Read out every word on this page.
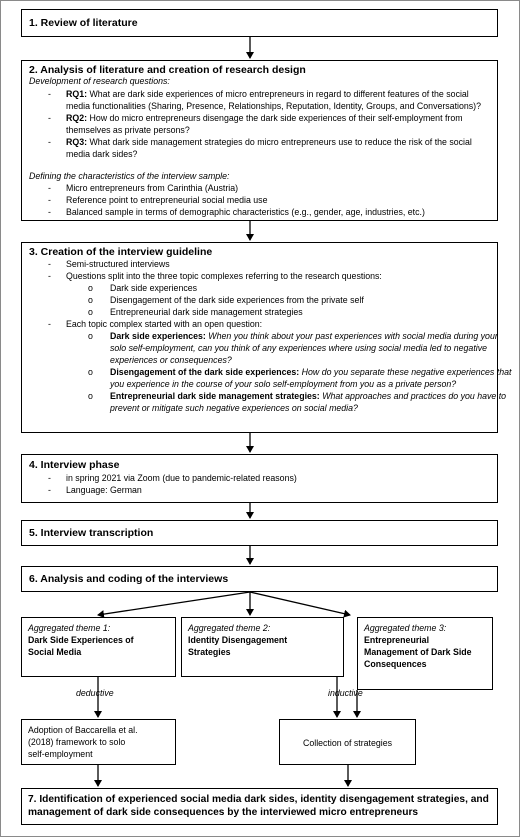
1. Review of literature
2. Analysis of literature and creation of research design
Development of research questions:
- RQ1: What are dark side experiences of micro entrepreneurs in regard to different features of the social
media functionalities (Sharing, Presence, Relationships, Reputation, Identity, Groups, and Conversations)?
- RQ2: How do micro entrepreneurs disengage the dark side experiences of their self-employment from
themselves as private persons?
- RQ3: What dark side management strategies do micro entrepreneurs use to reduce the risk of the social
media dark sides?
Defining the characteristics of the interview sample:
- Micro entrepreneurs from Carinthia (Austria)
- Reference point to entrepreneurial social media use
- Balanced sample in terms of demographic characteristics (e.g., gender, age, industries, etc.)
3. Creation of the interview guideline
- Semi-structured interviews
- Questions split into the three topic complexes referring to the research questions:
o Dark side experiences
o Disengagement of the dark side experiences from the private self
o Entrepreneurial dark side management strategies
- Each topic complex started with an open question:
o Dark side experiences: When you think about your past experiences with social media during your
solo self-employment, can you think of any experiences where using social media led to negative
experiences or consequences?
o Disengagement of the dark side experiences: How do you separate these negative experiences that
you experience in the course of your solo self-employment from you as a private person?
o Entrepreneurial dark side management strategies: What approaches and practices do you have to
prevent or mitigate such negative experiences on social media?
4. Interview phase
- in spring 2021 via Zoom (due to pandemic-related reasons)
- Language: German
5. Interview transcription
6. Analysis and coding of the interviews
Aggregated theme 1:
Dark Side Experiences of
Social Media
Aggregated theme 2:
Identity Disengagement
Strategies
Aggregated theme 3:
Entrepreneurial
Management of Dark Side
Consequences
deductive	inductive
Adoption of Baccarella et al.
(2018) framework to solo
self-employment
Collection of strategies
7. Identification of experienced social media dark sides, identity disengagement strategies, and
management of dark side consequences by the interviewed micro entrepreneurs
